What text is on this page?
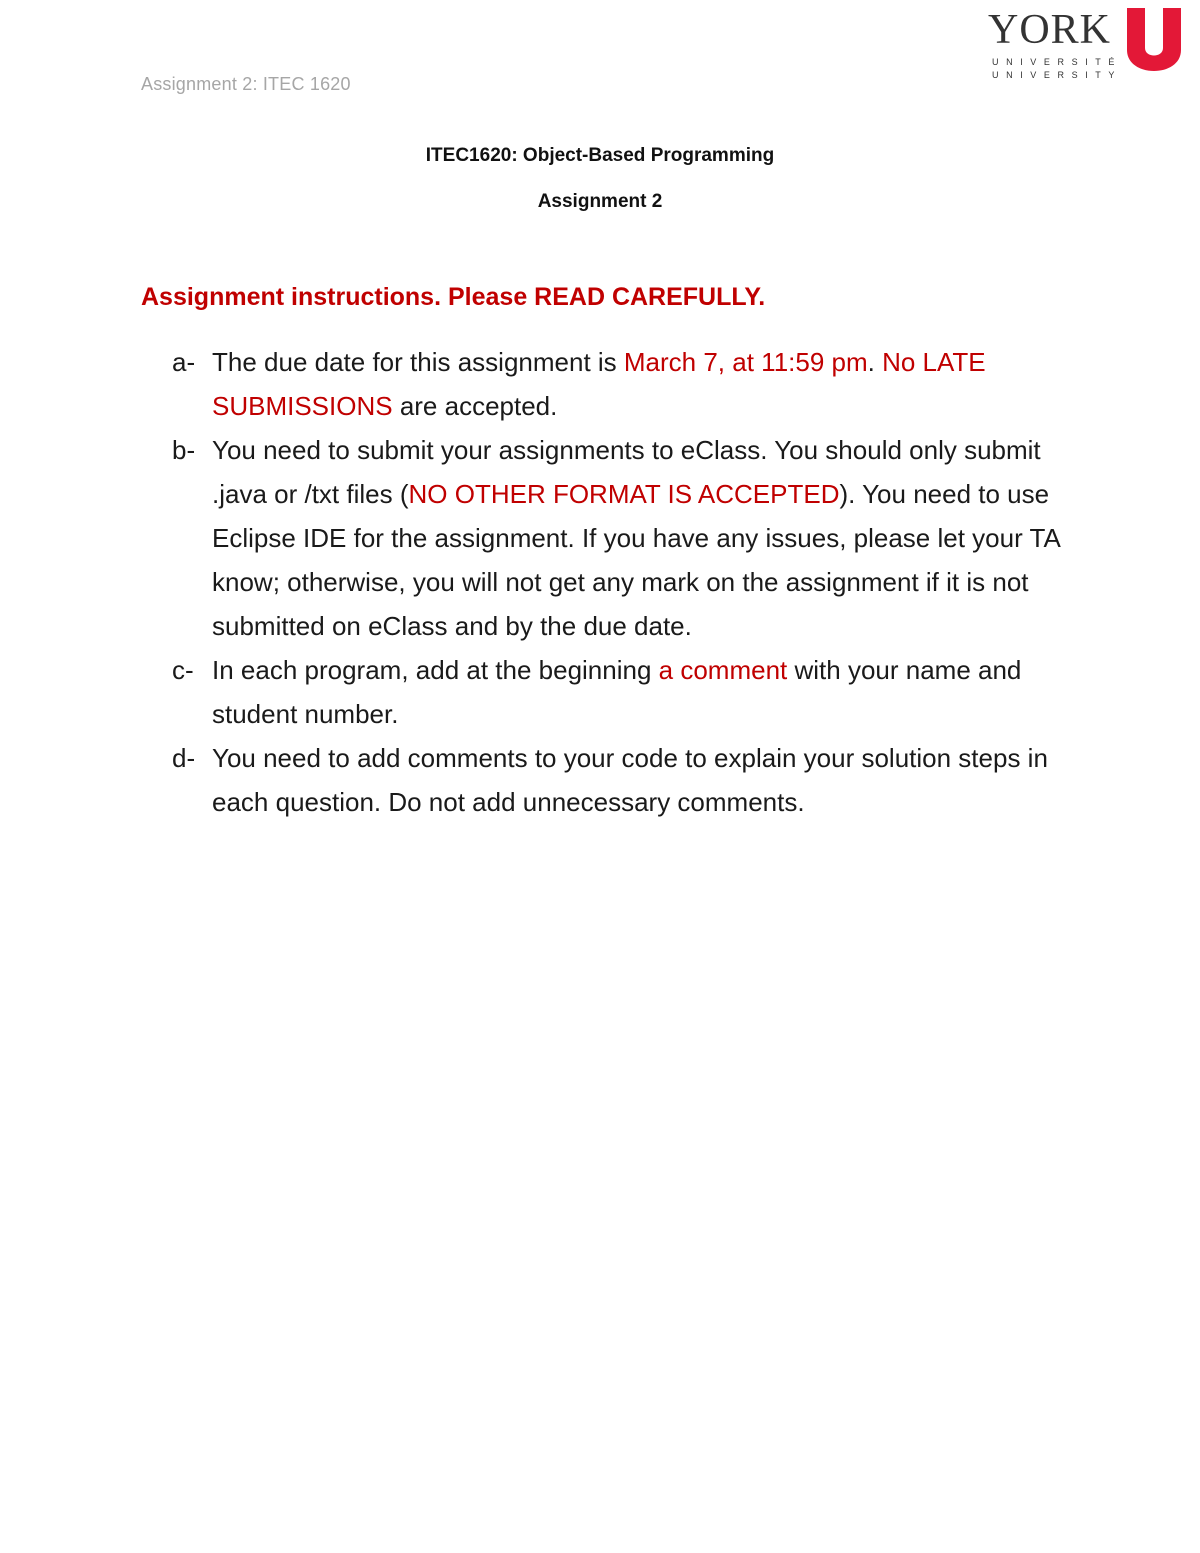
Assignment 2: ITEC 1620
YORK
UNIVERSITÉ
UNIVERSITY
ITEC1620: Object-Based Programming
Assignment 2
Assignment instructions. Please READ CAREFULLY.
a- The due date for this assignment is March 7, at 11:59 pm. No LATE SUBMISSIONS are accepted.
b- You need to submit your assignments to eClass. You should only submit .java or /txt files (NO OTHER FORMAT IS ACCEPTED). You need to use Eclipse IDE for the assignment. If you have any issues, please let your TA know; otherwise, you will not get any mark on the assignment if it is not submitted on eClass and by the due date.
c- In each program, add at the beginning a comment with your name and student number.
d- You need to add comments to your code to explain your solution steps in each question. Do not add unnecessary comments.
